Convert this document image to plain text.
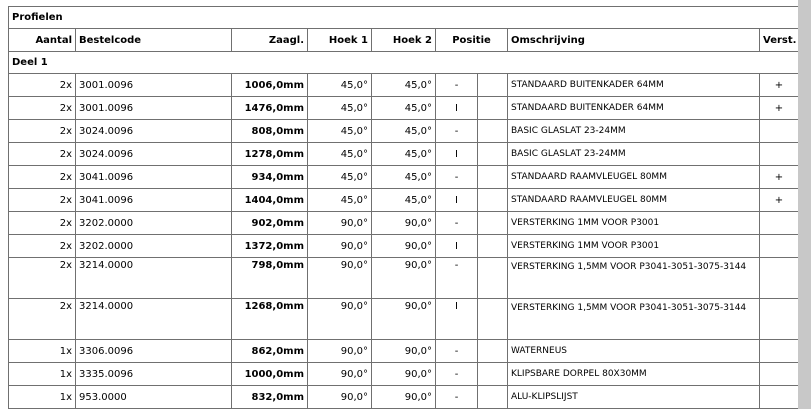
Profielen								
Aantal	Bestelcode	Zaagl.	Hoek 1	Hoek 2	Positie		Omschrijving	Verst.
Deel 1								
2x	3001.0096	1006,0mm	45,0°	45,0°	-		STANDAARD BUITENKADER 64MM	+
2x	3001.0096	1476,0mm	45,0°	45,0°	I		STANDAARD BUITENKADER 64MM	+
2x	3024.0096	808,0mm	45,0°	45,0°	-		BASIC GLASLAT 23-24MM	
2x	3024.0096	1278,0mm	45,0°	45,0°	I		BASIC GLASLAT 23-24MM	
2x	3041.0096	934,0mm	45,0°	45,0°	-		STANDAARD RAAMVLEUGEL 80MM	+
2x	3041.0096	1404,0mm	45,0°	45,0°	I		STANDAARD RAAMVLEUGEL 80MM	+
2x	3202.0000	902,0mm	90,0°	90,0°	-		VERSTERKING 1MM VOOR P3001	
2x	3202.0000	1372,0mm	90,0°	90,0°	I		VERSTERKING 1MM VOOR P3001	
2x	3214.0000	798,0mm	90,0°	90,0°	-		VERSTERKING 1,5MM VOOR P3041-3051-3075-3144	
2x	3214.0000	1268,0mm	90,0°	90,0°	I		VERSTERKING 1,5MM VOOR P3041-3051-3075-3144	
1x	3306.0096	862,0mm	90,0°	90,0°	-		WATERNEUS	
1x	3335.0096	1000,0mm	90,0°	90,0°	-		KLIPSBARE DORPEL 80X30MM	
1x	953.0000	832,0mm	90,0°	90,0°	-		ALU-KLIPSLIJST	
